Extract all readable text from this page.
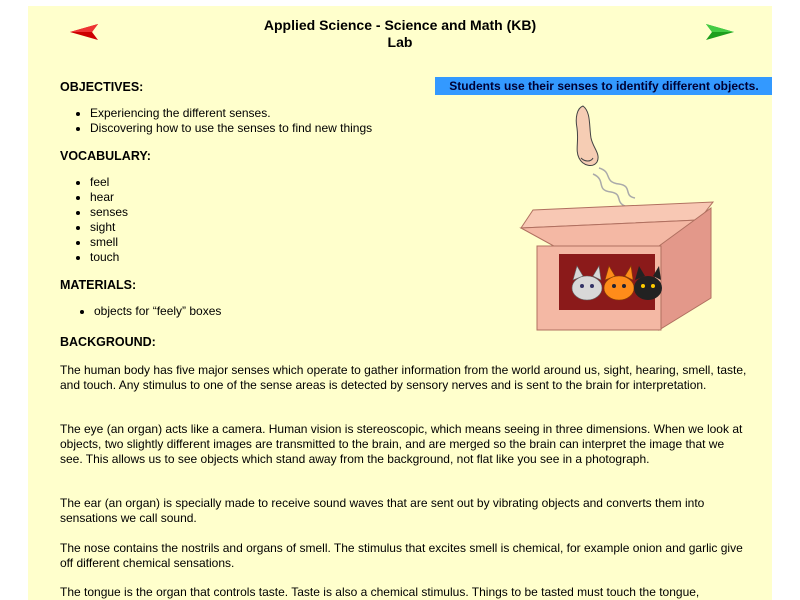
Applied Science - Science and Math (KB)
Lab
OBJECTIVES:
• Experiencing the different senses.
• Discovering how to use the senses to find new things
Students use their senses to identify different objects.
VOCABULARY:
• feel
• hear
• senses
• sight
• smell
• touch
MATERIALS:
• objects for “feely” boxes
BACKGROUND:

The human body has five major senses which operate to gather information from the world around us, sight, hearing, smell, taste, and touch. Any stimulus to one of the sense areas is detected by sensory nerves and is sent to the brain for interpretation.

The eye (an organ) acts like a camera. Human vision is stereoscopic, which means seeing in three dimensions. When we look at objects, two slightly different images are transmitted to the brain, and are merged so the brain can interpret the image that we see. This allows us to see objects which stand away from the background, not flat like you see in a photograph.

The ear (an organ) is specially made to receive sound waves that are sent out by vibrating objects and converts them into sensations we call sound.

The nose contains the nostrils and organs of smell. The stimulus that excites smell is chemical, for example onion and garlic give off different chemical sensations.

The tongue is the organ that controls taste. Taste is also a chemical stimulus. Things to be tasted must touch the tongue,
